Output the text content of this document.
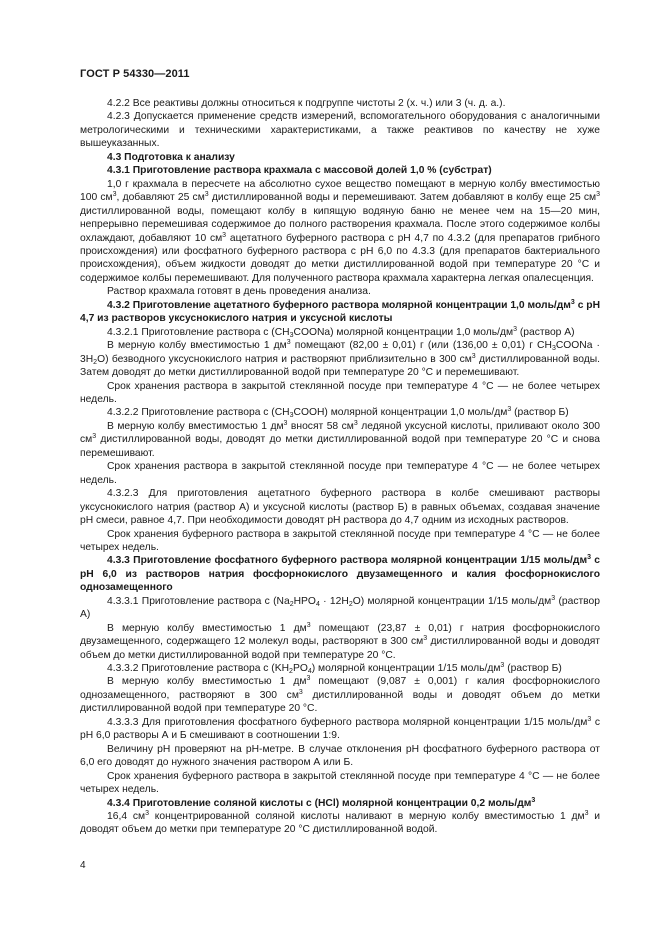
ГОСТ Р 54330—2011

4.2.2 Все реактивы должны относиться к подгруппе чистоты 2 (х. ч.) или 3 (ч. д. а.).

4.2.3 Допускается применение средств измерений, вспомогательного оборудования с аналогичными метрологическими и техническими характеристиками, а также реактивов по качеству не хуже вышеуказанных.

4.3 Подготовка к анализу

4.3.1 Приготовление раствора крахмала с массовой долей 1,0 % (субстрат)

1,0 г крахмала в пересчете на абсолютно сухое вещество помещают в мерную колбу вместимостью 100 $см^3$, добавляют 25 $см^3$ дистиллированной воды и перемешивают. Затем добавляют в колбу еще 25 $см^3$ дистиллированной воды, помещают колбу в кипящую водяную баню не менее чем на 15—20 мин, непрерывно перемешивая содержимое до полного растворения крахмала. После этого содержимое колбы охлаждают, добавляют 10 $см^3$ ацетатного буферного раствора с рН 4,7 по 4.3.2 (для препаратов грибного происхождения) или фосфатного буферного раствора с рН 6,0 по 4.3.3 (для препаратов бактериального происхождения), объем жидкости доводят до метки дистиллированной водой при температуре 20 °С и содержимое колбы перемешивают. Для полученного раствора крахмала характерна легкая опалесценция.

Раствор крахмала готовят в день проведения анализа.

4.3.2 Приготовление ацетатного буферного раствора молярной концентрации 1,0 моль/$дм^3$ с рН 4,7 из растворов уксуснокислого натрия и уксусной кислоты

4.3.2.1 Приготовление раствора с $(CH_3COONa)$ молярной концентрации 1,0 моль/$дм^3$ (раствор А)

В мерную колбу вместимостью 1 $дм^3$ помещают (82,00 ± 0,01) г (или (136,00 ± 0,01) г $CH_3COONa \cdot 3H_2O$) безводного уксуснокислого натрия и растворяют приблизительно в 300 $см^3$ дистиллированной воды. Затем доводят до метки дистиллированной водой при температуре 20 °С и перемешивают.

Срок хранения раствора в закрытой стеклянной посуде при температуре 4 °С — не более четырех недель.

4.3.2.2 Приготовление раствора с $(CH_3COOH)$ молярной концентрации 1,0 моль/$дм^3$ (раствор Б)

В мерную колбу вместимостью 1 $дм^3$ вносят 58 $см^3$ ледяной уксусной кислоты, приливают около 300 $см^3$ дистиллированной воды, доводят до метки дистиллированной водой при температуре 20 °С и снова перемешивают.

Срок хранения раствора в закрытой стеклянной посуде при температуре 4 °С — не более четырех недель.

4.3.2.3 Для приготовления ацетатного буферного раствора в колбе смешивают растворы уксуснокислого натрия (раствор А) и уксусной кислоты (раствор Б) в равных объемах, создавая значение рН смеси, равное 4,7. При необходимости доводят рН раствора до 4,7 одним из исходных растворов.

Срок хранения буферного раствора в закрытой стеклянной посуде при температуре 4 °С — не более четырех недель.

4.3.3 Приготовление фосфатного буферного раствора молярной концентрации 1/15 моль/$дм^3$ с рН 6,0 из растворов натрия фосфорнокислого двузамещенного и калия фосфорнокислого однозамещенного

4.3.3.1 Приготовление раствора с $(Na_2HPO_4 \cdot 12H_2O)$ молярной концентрации 1/15 моль/$дм^3$ (раствор А)

В мерную колбу вместимостью 1 $дм^3$ помещают (23,87 ± 0,01) г натрия фосфорнокислого двузамещенного, содержащего 12 молекул воды, растворяют в 300 $см^3$ дистиллированной воды и доводят объем до метки дистиллированной водой при температуре 20 °С.

4.3.3.2 Приготовление раствора с $(KH_2PO_4)$ молярной концентрации 1/15 моль/$дм^3$ (раствор Б)

В мерную колбу вместимостью 1 $дм^3$ помещают (9,087 ± 0,001) г калия фосфорнокислого однозамещенного, растворяют в 300 $см^3$ дистиллированной воды и доводят объем до метки дистиллированной водой при температуре 20 °С.

4.3.3.3 Для приготовления фосфатного буферного раствора молярной концентрации 1/15 моль/$дм^3$ с рН 6,0 растворы А и Б смешивают в соотношении 1:9.

Величину рН проверяют на рН-метре. В случае отклонения рН фосфатного буферного раствора от 6,0 его доводят до нужного значения раствором А или Б.

Срок хранения буферного раствора в закрытой стеклянной посуде при температуре 4 °С — не более четырех недель.

4.3.4 Приготовление соляной кислоты с (HCl) молярной концентрации 0,2 моль/$дм^3$

16,4 $см^3$ концентрированной соляной кислоты наливают в мерную колбу вместимостью 1 $дм^3$ и доводят объем до метки при температуре 20 °С дистиллированной водой.

4
